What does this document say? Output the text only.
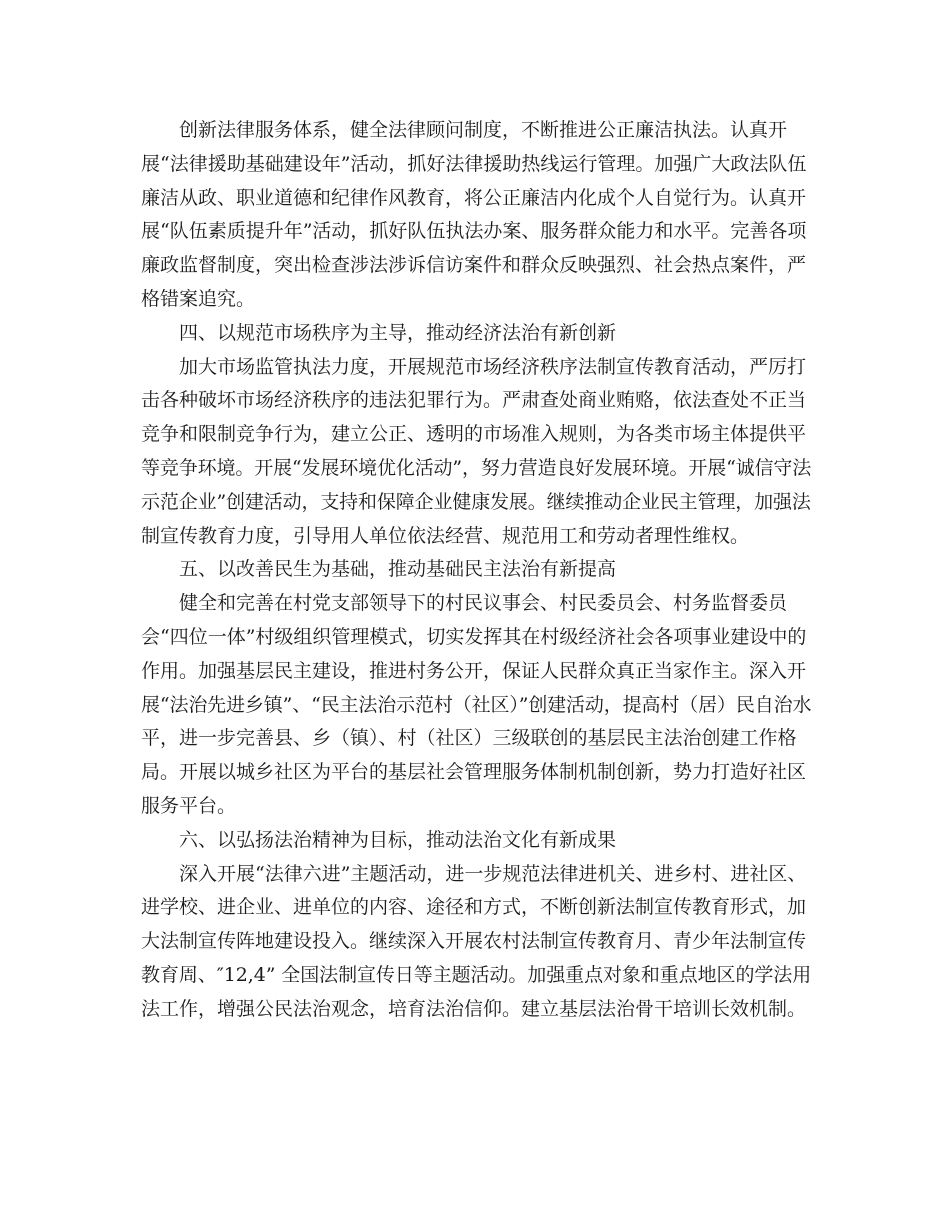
创新法律服务体系，健全法律顾问制度，不断推进公正廉洁执法。认真开
展“法律援助基础建设年”活动，抓好法律援助热线运行管理。加强广大政法队伍
廉洁从政、职业道德和纪律作风教育，将公正廉洁内化成个人自觉行为。认真开
展“队伍素质提升年”活动，抓好队伍执法办案、服务群众能力和水平。完善各项
廉政监督制度，突出检查涉法涉诉信访案件和群众反映强烈、社会热点案件，严
格错案追究。
四、以规范市场秩序为主导，推动经济法治有新创新
加大市场监管执法力度，开展规范市场经济秩序法制宣传教育活动，严厉打
击各种破坏市场经济秩序的违法犯罪行为。严肃查处商业贿赂，依法查处不正当
竞争和限制竞争行为，建立公正、透明的市场准入规则，为各类市场主体提供平
等竞争环境。开展“发展环境优化活动”，努力营造良好发展环境。开展“诚信守法
示范企业”创建活动，支持和保障企业健康发展。继续推动企业民主管理，加强法
制宣传教育力度，引导用人单位依法经营、规范用工和劳动者理性维权。
五、以改善民生为基础，推动基础民主法治有新提高
健全和完善在村党支部领导下的村民议事会、村民委员会、村务监督委员
会“四位一体”村级组织管理模式，切实发挥其在村级经济社会各项事业建设中的
作用。加强基层民主建设，推进村务公开，保证人民群众真正当家作主。深入开
展“法治先进乡镇”、“民主法治示范村（社区）”创建活动，提高村（居）民自治水
平，进一步完善县、乡（镇）、村（社区）三级联创的基层民主法治创建工作格
局。开展以城乡社区为平台的基层社会管理服务体制机制创新，势力打造好社区
服务平台。
六、以弘扬法治精神为目标，推动法治文化有新成果
深入开展“法律六进”主题活动，进一步规范法律进机关、进乡村、进社区、
进学校、进企业、进单位的内容、途径和方式，不断创新法制宣传教育形式，加
大法制宣传阵地建设投入。继续深入开展农村法制宣传教育月、青少年法制宣传
教育周、″12,4” 全国法制宣传日等主题活动。加强重点对象和重点地区的学法用
法工作，增强公民法治观念，培育法治信仰。建立基层法治骨干培训长效机制。
